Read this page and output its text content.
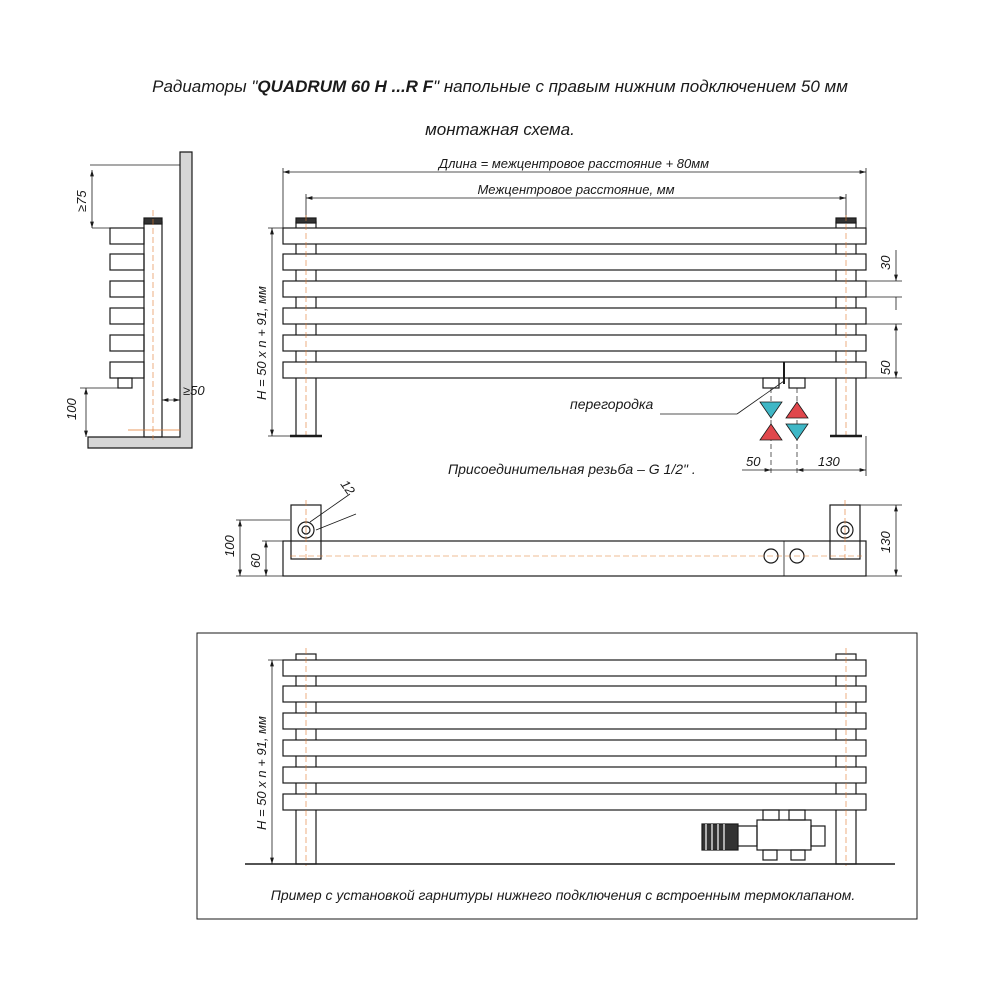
Радиаторы "QUADRUM 60 H ...R F" напольные с правым нижним подключением 50 мм
монтажная схема.
≥75
100
≥50
Длина = межцентровое расстояние + 80мм
Межцентровое расстояние, мм
H = 50 x n + 91, мм
30
50
50	130
перегородка
Присоединительная резьба – G 1/2" .
12
100
60
130
H = 50 x n + 91, мм
Пример с установкой гарнитуры нижнего подключения с встроенным термоклапаном.
